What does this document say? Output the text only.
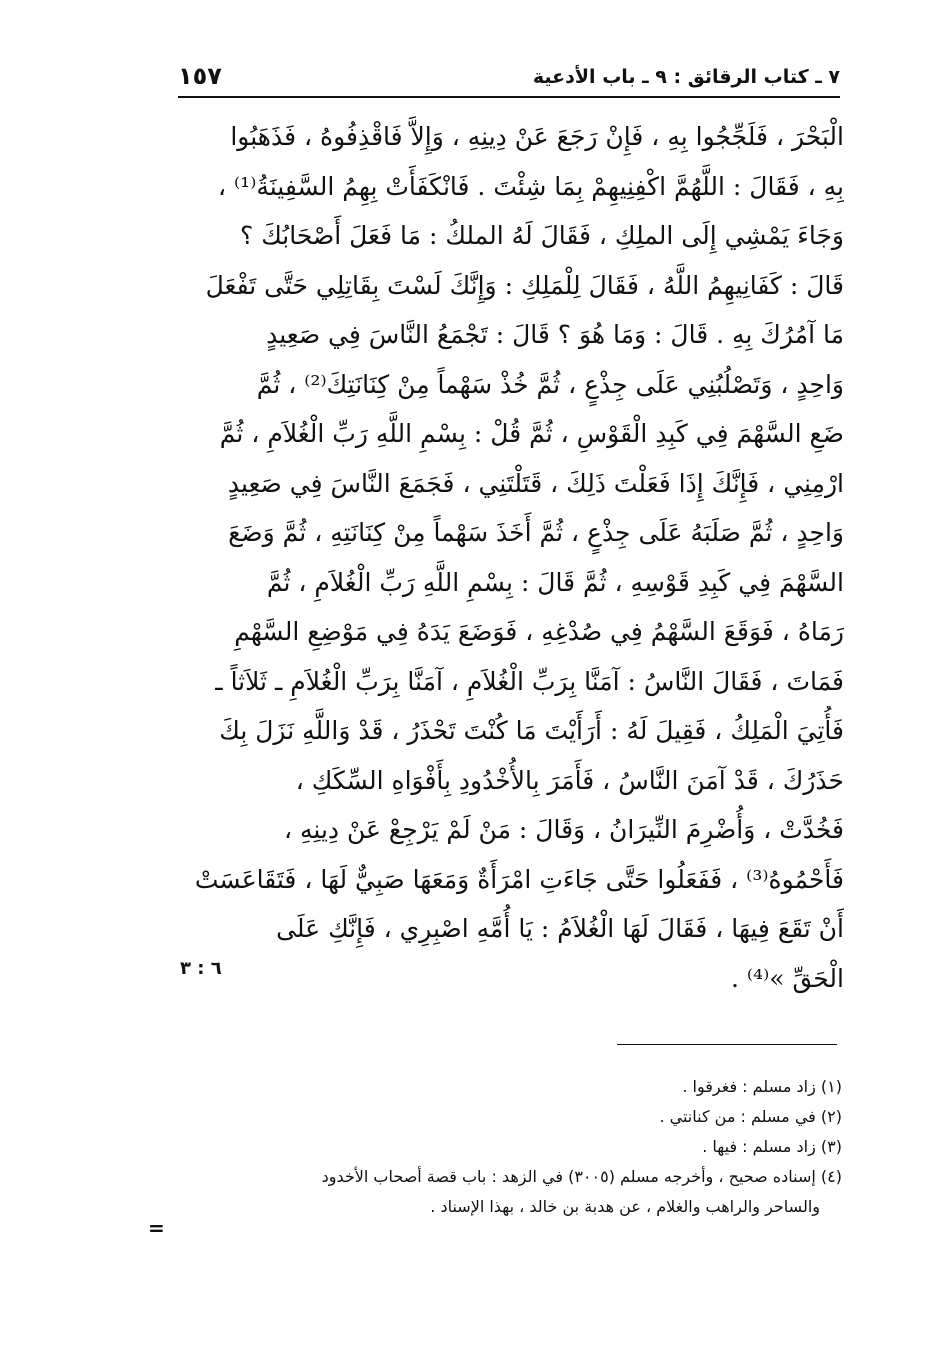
٧ ـ كتاب الرقائق : ٩ ـ باب الأدعية
١٥٧
الْبَحْرَ ، فَلَجِّجُوا بِهِ ، فَإِنْ رَجَعَ عَنْ دِينِهِ ، وَإِلاَّ فَاقْذِفُوهُ ، فَذَهَبُوا
بِهِ ، فَقَالَ : اللَّهُمَّ اكْفِنِيهِمْ بِمَا شِئْتَ . فَانْكَفَأَتْ بِهِمُ السَّفِينَةُ⁽¹⁾ ،
وَجَاءَ يَمْشِي إِلَى الملِكِ ، فَقَالَ لَهُ الملكُ : مَا فَعَلَ أَصْحَابُكَ ؟
قَالَ : كَفَانِيهِمُ اللَّهُ ، فَقَالَ لِلْمَلِكِ : وَإِنَّكَ لَسْتَ بِقَاتِلِي حَتَّى تَفْعَلَ
مَا آمُرُكَ بِهِ . قَالَ : وَمَا هُوَ ؟ قَالَ : تَجْمَعُ النَّاسَ فِي صَعِيدٍ
وَاحِدٍ ، وَتَصْلُبُنِي عَلَى جِذْعٍ ، ثُمَّ خُذْ سَهْماً مِنْ كِنَانَتِكَ⁽²⁾ ، ثُمَّ
ضَعِ السَّهْمَ فِي كَبِدِ الْقَوْسِ ، ثُمَّ قُلْ : بِسْمِ اللَّهِ رَبِّ الْغُلاَمِ ، ثُمَّ
ارْمِنِي ، فَإِنَّكَ إِذَا فَعَلْتَ ذَلِكَ ، قَتَلْتَنِي ، فَجَمَعَ النَّاسَ فِي صَعِيدٍ
وَاحِدٍ ، ثُمَّ صَلَبَهُ عَلَى جِذْعٍ ، ثُمَّ أَخَذَ سَهْماً مِنْ كِنَانَتِهِ ، ثُمَّ وَضَعَ
السَّهْمَ فِي كَبِدِ قَوْسِهِ ، ثُمَّ قَالَ : بِسْمِ اللَّهِ رَبِّ الْغُلاَمِ ، ثُمَّ
رَمَاهُ ، فَوَقَعَ السَّهْمُ فِي صُدْغِهِ ، فَوَضَعَ يَدَهُ فِي مَوْضِعِ السَّهْمِ
فَمَاتَ ، فَقَالَ النَّاسُ : آمَنَّا بِرَبِّ الْغُلاَمِ ، آمَنَّا بِرَبِّ الْغُلاَمِ ـ ثَلاَثاً ـ
فَأُتِيَ الْمَلِكُ ، فَقِيلَ لَهُ : أَرَأَيْتَ مَا كُنْتَ تَحْذَرُ ، قَدْ وَاللَّهِ نَزَلَ بِكَ
حَذَرُكَ ، قَدْ آمَنَ النَّاسُ ، فَأَمَرَ بِالأُخْدُودِ بِأَفْوَاهِ السِّكَكِ ،
فَخُدَّتْ ، وَأُضْرِمَ النِّيرَانُ ، وَقَالَ : مَنْ لَمْ يَرْجِعْ عَنْ دِينِهِ ،
فَأَحْمُوهُ⁽³⁾ ، فَفَعَلُوا حَتَّى جَاءَتِ امْرَأَةٌ وَمَعَهَا صَبِيٌّ لَهَا ، فَتَقَاعَسَتْ
أَنْ تَقَعَ فِيهَا ، فَقَالَ لَهَا الْغُلاَمُ : يَا أُمَّهِ اصْبِرِي ، فَإِنَّكِ عَلَى
الْحَقِّ »⁽⁴⁾ .
٦ : ٣
(١) زاد مسلم : فغرقوا .
(٢) في مسلم : من كنانتي .
(٣) زاد مسلم : فيها .
(٤) إسناده صحيح ، وأخرجه مسلم (٣٠٠٥) في الزهد : باب قصة أصحاب الأخدود
والساحر والراهب والغلام ، عن هدبة بن خالد ، بهذا الإسناد .
=
